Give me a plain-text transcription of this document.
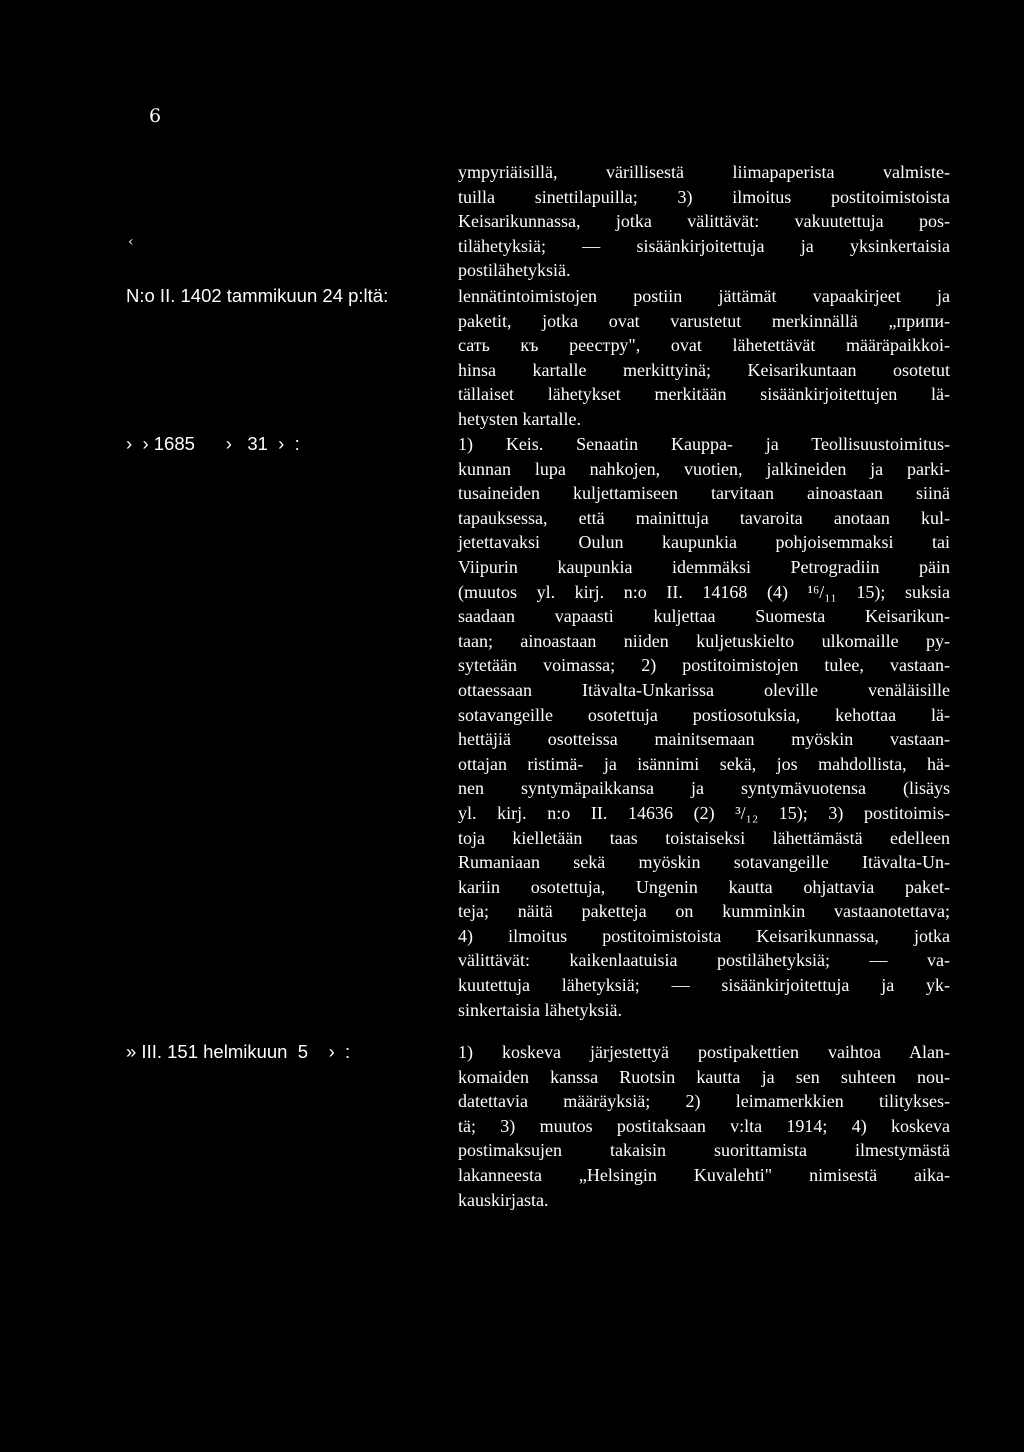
6
‹
ympyriäisillä, värillisestä liimapaperista valmiste-
tuilla sinettilapuilla; 3) ilmoitus postitoimistoista
Keisarikunnassa, jotka välittävät: vakuutettuja pos-
tilähetyksiä; — sisäänkirjoitettuja ja yksinkertaisia
postilähetyksiä.
N:o II. 1402 tammikuun 24 p:ltä:	lennätintoimistojen postiin jättämät vapaakirjeet ja
paketit, jotka ovat varustetut merkinnällä „припи-
сать къ реестру", ovat lähetettävät määräpaikkoi-
hinsa kartalle merkittyinä; Keisarikuntaan osotetut
tällaiset lähetykset merkitään sisäänkirjoitettujen lä-
hetysten kartalle.
›  › 1685      ›   31  ›  :	1) Keis. Senaatin Kauppa- ja Teollisuustoimitus-
kunnan lupa nahkojen, vuotien, jalkineiden ja parki-
tusaineiden kuljettamiseen tarvitaan ainoastaan siinä
tapauksessa, että mainittuja tavaroita anotaan kul-
jetettavaksi Oulun kaupunkia pohjoisemmaksi tai
Viipurin kaupunkia idemmäksi Petrogradiin päin
(muutos yl. kirj. n:o II. 14168 (4) ¹⁶/₁₁ 15); suksia
saadaan vapaasti kuljettaa Suomesta Keisarikun-
taan; ainoastaan niiden kuljetuskielto ulkomaille py-
sytetään voimassa; 2) postitoimistojen tulee, vastaan-
ottaessaan Itävalta-Unkarissa oleville venäläisille
sotavangeille osotettuja postiosotuksia, kehottaa lä-
hettäjiä osotteissa mainitsemaan myöskin vastaan-
ottajan ristimä- ja isännimi sekä, jos mahdollista, hä-
nen syntymäpaikkansa ja syntymävuotensa (lisäys
yl. kirj. n:o II. 14636 (2) ³/₁₂ 15); 3) postitoimis-
toja kielletään taas toistaiseksi lähettämästä edelleen
Rumaniaan sekä myöskin sotavangeille Itävalta-Un-
kariin osotettuja, Ungenin kautta ohjattavia paket-
teja; näitä paketteja on kumminkin vastaanotettava;
4) ilmoitus postitoimistoista Keisarikunnassa, jotka
välittävät: kaikenlaatuisia postilähetyksiä; — va-
kuutettuja lähetyksiä; — sisäänkirjoitettuja ja yk-
sinkertaisia lähetyksiä.
» III. 151 helmikuun  5    ›  :	1) koskeva järjestettyä postipakettien vaihtoa Alan-
komaiden kanssa Ruotsin kautta ja sen suhteen nou-
datettavia määräyksiä; 2) leimamerkkien tilitykses-
tä; 3) muutos postitaksaan v:lta 1914; 4) koskeva
postimaksujen takaisin suorittamista ilmestymästä
lakanneesta „Helsingin Kuvalehti" nimisestä aika-
kauskirjasta.
